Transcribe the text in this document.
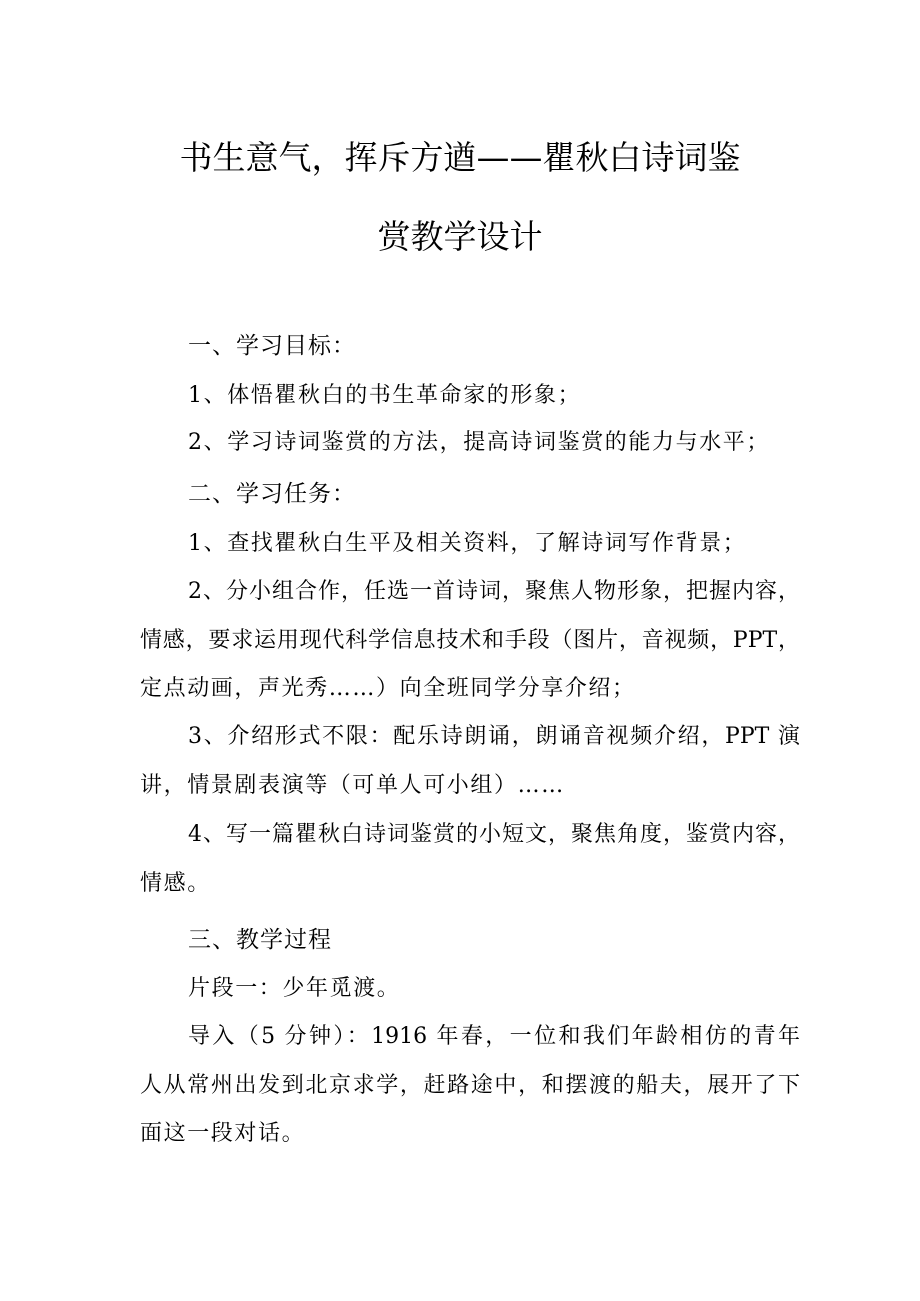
书生意气，挥斥方遒——瞿秋白诗词鉴
赏教学设计
一、学习目标：
1、体悟瞿秋白的书生革命家的形象；
2、学习诗词鉴赏的方法，提高诗词鉴赏的能力与水平；
二、学习任务：
1、查找瞿秋白生平及相关资料，了解诗词写作背景；
2、分小组合作，任选一首诗词，聚焦人物形象，把握内容，
情感，要求运用现代科学信息技术和手段（图片，音视频，PPT，
定点动画，声光秀……）向全班同学分享介绍；
3、介绍形式不限：配乐诗朗诵，朗诵音视频介绍，PPT 演
讲，情景剧表演等（可单人可小组）……
4、写一篇瞿秋白诗词鉴赏的小短文，聚焦角度，鉴赏内容，
情感。
三、教学过程
片段一：少年觅渡。
导入（5 分钟）：1916 年春，一位和我们年龄相仿的青年
人从常州出发到北京求学，赶路途中，和摆渡的船夫，展开了下
面这一段对话。
